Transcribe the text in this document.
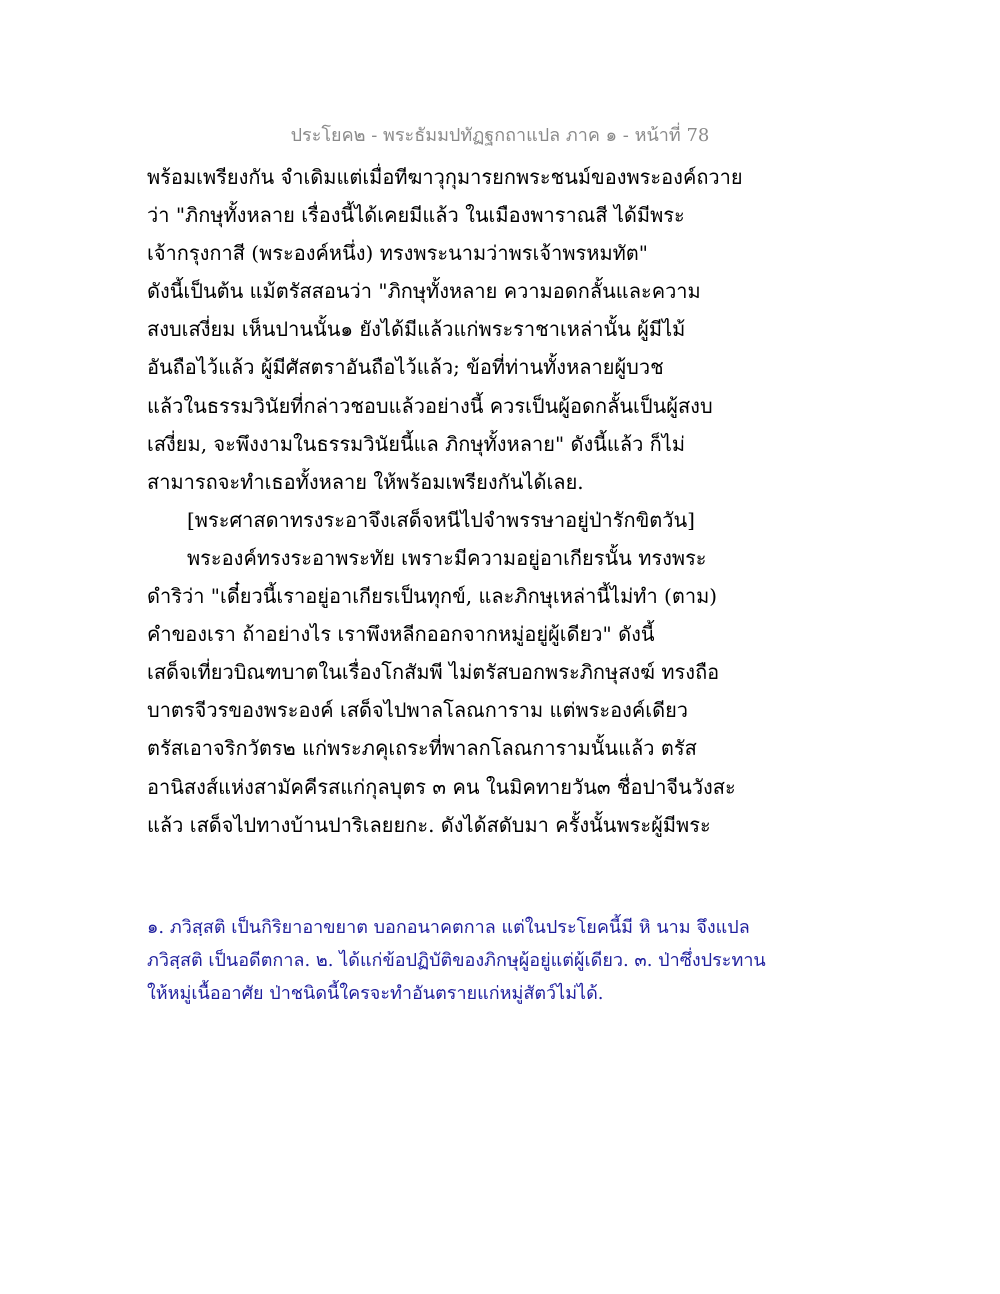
ประโยค๒ - พระธัมมปทัฏฐกถาแปล ภาค ๑ - หน้าที่ 78
พร้อมเพรียงกัน จำเดิมแต่เมื่อทีฆาวุกุมารยกพระชนม์ของพระองค์ถวาย
ว่า "ภิกษุทั้งหลาย เรื่องนี้ได้เคยมีแล้ว ในเมืองพาราณสี ได้มีพระ
เจ้ากรุงกาสี (พระองค์หนึ่ง) ทรงพระนามว่าพรเจ้าพรหมทัต"
ดังนี้เป็นต้น แม้ตรัสสอนว่า "ภิกษุทั้งหลาย ความอดกลั้นและความ
สงบเสงี่ยม เห็นปานนั้น๑ ยังได้มีแล้วแก่พระราชาเหล่านั้น ผู้มีไม้
อันถือไว้แล้ว ผู้มีศัสตราอันถือไว้แล้ว; ข้อที่ท่านทั้งหลายผู้บวช
แล้วในธรรมวินัยที่กล่าวชอบแล้วอย่างนี้ ควรเป็นผู้อดกลั้นเป็นผู้สงบ
เสงี่ยม, จะพึงงามในธรรมวินัยนี้แล ภิกษุทั้งหลาย" ดังนี้แล้ว ก็ไม่
สามารถจะทำเธอทั้งหลาย ให้พร้อมเพรียงกันได้เลย.
[พระศาสดาทรงระอาจึงเสด็จหนีไปจำพรรษาอยู่ป่ารักขิตวัน]
พระองค์ทรงระอาพระทัย เพราะมีความอยู่อาเกียรนั้น ทรงพระ
ดำริว่า "เดี๋ยวนี้เราอยู่อาเกียรเป็นทุกข์, และภิกษุเหล่านี้ไม่ทำ (ตาม)
คำของเรา ถ้าอย่างไร เราพึงหลีกออกจากหมู่อยู่ผู้เดียว" ดังนี้
เสด็จเที่ยวบิณฑบาตในเรื่องโกสัมพี ไม่ตรัสบอกพระภิกษุสงฆ์ ทรงถือ
บาตรจีวรของพระองค์ เสด็จไปพาลโลณการาม แต่พระองค์เดียว
ตรัสเอาจริกวัตร๒ แก่พระภคุเถระที่พาลกโลณการามนั้นแล้ว ตรัส
อานิสงส์แห่งสามัคคีรสแก่กุลบุตร ๓ คน ในมิคทายวัน๓ ชื่อปาจีนวังสะ
แล้ว เสด็จไปทางบ้านปาริเลยยกะ. ดังได้สดับมา ครั้งนั้นพระผู้มีพระ
๑. ภวิสฺสติ เป็นกิริยาอาขยาต บอกอนาคตกาล แต่ในประโยคนี้มี หิ นาม จึงแปล
ภวิสฺสติ เป็นอดีตกาล. ๒. ได้แก่ข้อปฏิบัติของภิกษุผู้อยู่แต่ผู้เดียว. ๓. ป่าซึ่งประทาน
ให้หมู่เนื้ออาศัย ป่าชนิดนี้ใครจะทำอันตรายแก่หมู่สัตว์ไม่ได้.
